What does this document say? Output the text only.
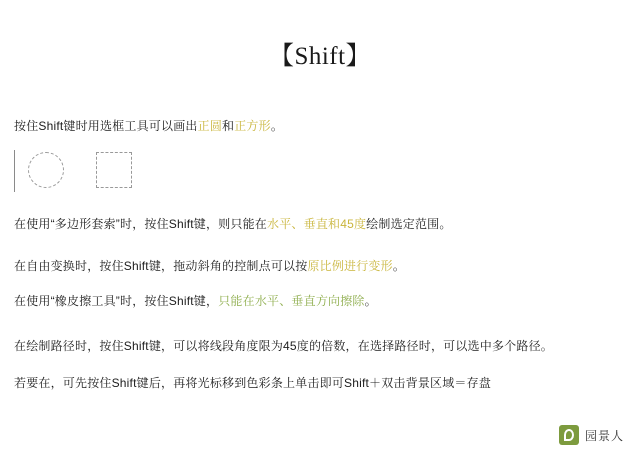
【Shift】
按住Shift键时用选框工具可以画出正圆和正方形。
在使用“多边形套索”时，按住Shift键，则只能在水平、垂直和45度绘制选定范围。
在自由变换时，按住Shift键，拖动斜角的控制点可以按原比例进行变形。
在使用“橡皮擦工具”时，按住Shift键，只能在水平、垂直方向擦除。
在绘制路径时，按住Shift键，可以将线段角度限为45度的倍数，在选择路径时，可以选中多个路径。
若要在，可先按住Shift键后，再将光标移到色彩条上单击即可Shift＋双击背景区域＝存盘
园景人
